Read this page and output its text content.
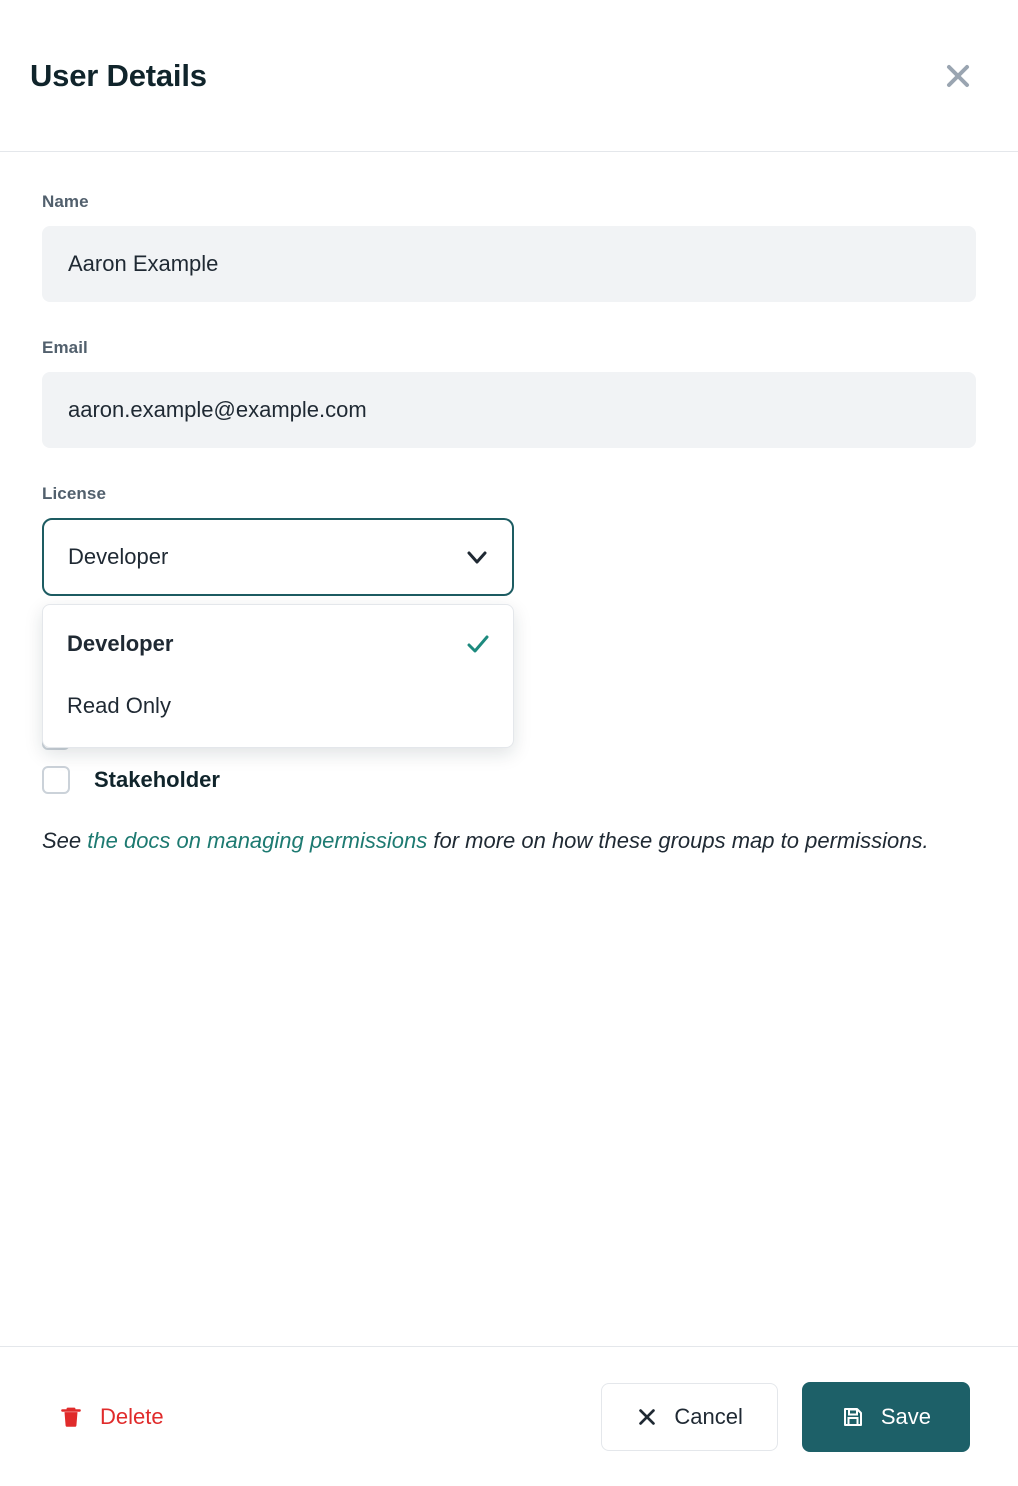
User Details
Name
Aaron Example
Email
aaron.example@example.com
License
Developer
Developer
Read Only
Stakeholder
See the docs on managing permissions for more on how these groups map to permissions.
Delete	Cancel	Save
